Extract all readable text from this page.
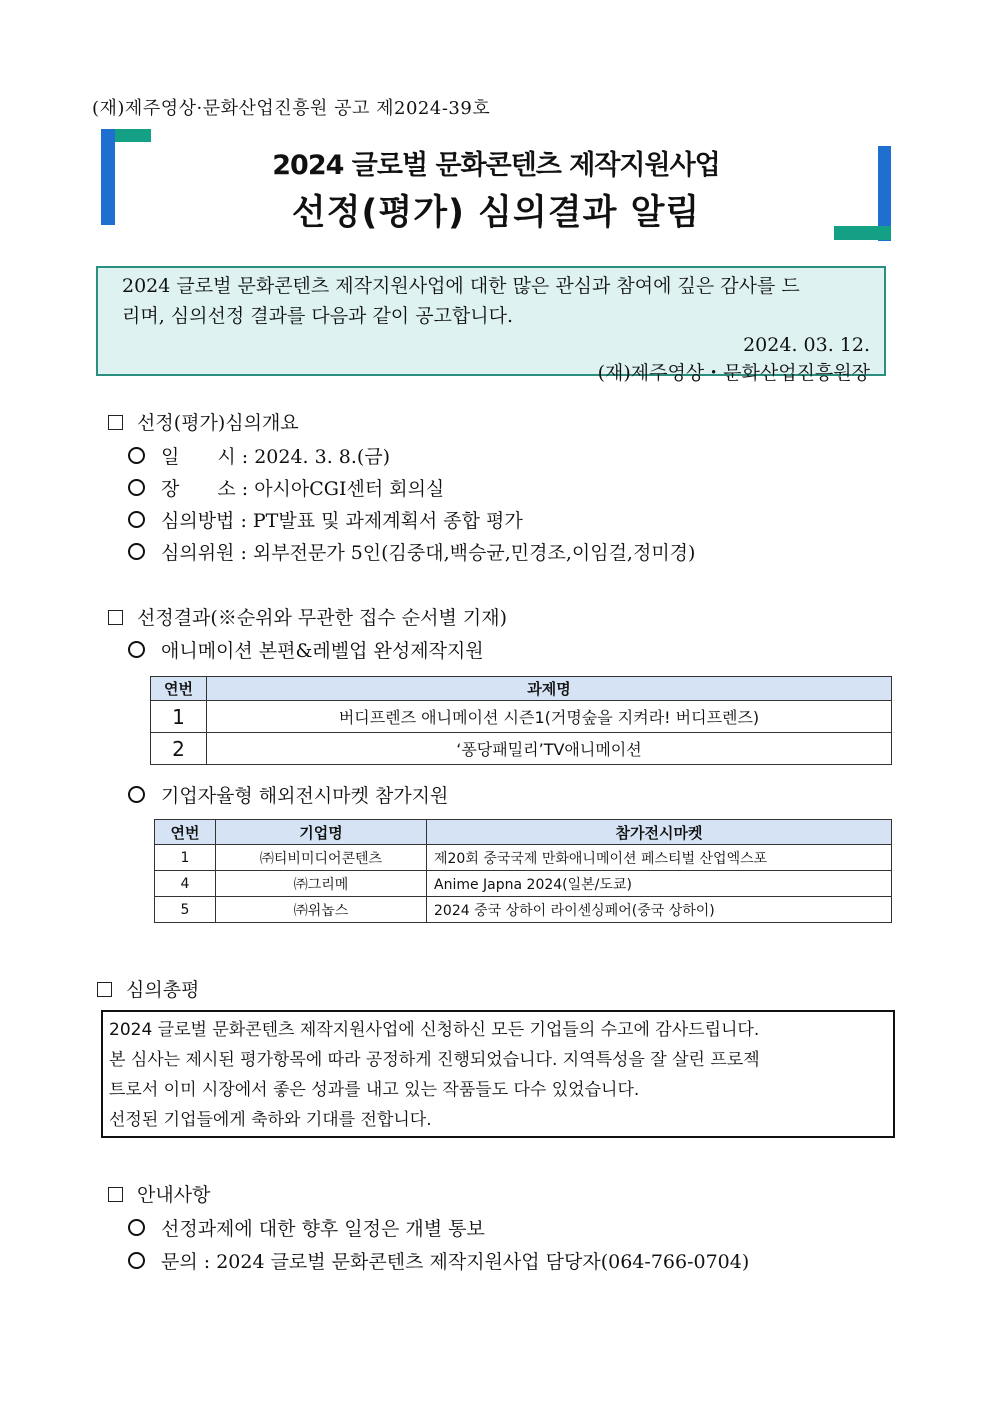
(재)제주영상·문화산업진흥원 공고 제2024-39호
2024 글로벌 문화콘텐츠 제작지원사업
선정(평가) 심의결과 알림
2024 글로벌 문화콘텐츠 제작지원사업에 대한 많은 관심과 참여에 깊은 감사를 드
리며, 심의선정 결과를 다음과 같이 공고합니다.
2024. 03. 12.
(재)제주영상・문화산업진흥원장
선정(평가)심의개요
일　　시 : 2024. 3. 8.(금)
장　　소 : 아시아CGI센터 회의실
심의방법 : PT발표 및 과제계획서 종합 평가
심의위원 : 외부전문가 5인(김중대,백승균,민경조,이임걸,정미경)
선정결과(※순위와 무관한 접수 순서별 기재)
애니메이션 본편&레벨업 완성제작지원
연번	과제명
1	버디프렌즈 애니메이션 시즌1(거명숲을 지켜라! 버디프렌즈)
2	‘퐁당패밀리’TV애니메이션
기업자율형 해외전시마켓 참가지원
연번	기업명	참가전시마켓
1	㈜티비미디어콘텐츠	제20회 중국국제 만화애니메이션 페스티벌 산업엑스포
4	㈜그리메	Anime Japna 2024(일본/도쿄)
5	㈜위놉스	2024 중국 상하이 라이센싱페어(중국 상하이)
심의총평
2024 글로벌 문화콘텐츠 제작지원사업에 신청하신 모든 기업들의 수고에 감사드립니다.
본 심사는 제시된 평가항목에 따라 공정하게 진행되었습니다. 지역특성을 잘 살린 프로젝
트로서 이미 시장에서 좋은 성과를 내고 있는 작품들도 다수 있었습니다.
선정된 기업들에게 축하와 기대를 전합니다.
안내사항
선정과제에 대한 향후 일정은 개별 통보
문의 : 2024 글로벌 문화콘텐츠 제작지원사업 담당자(064-766-0704)
